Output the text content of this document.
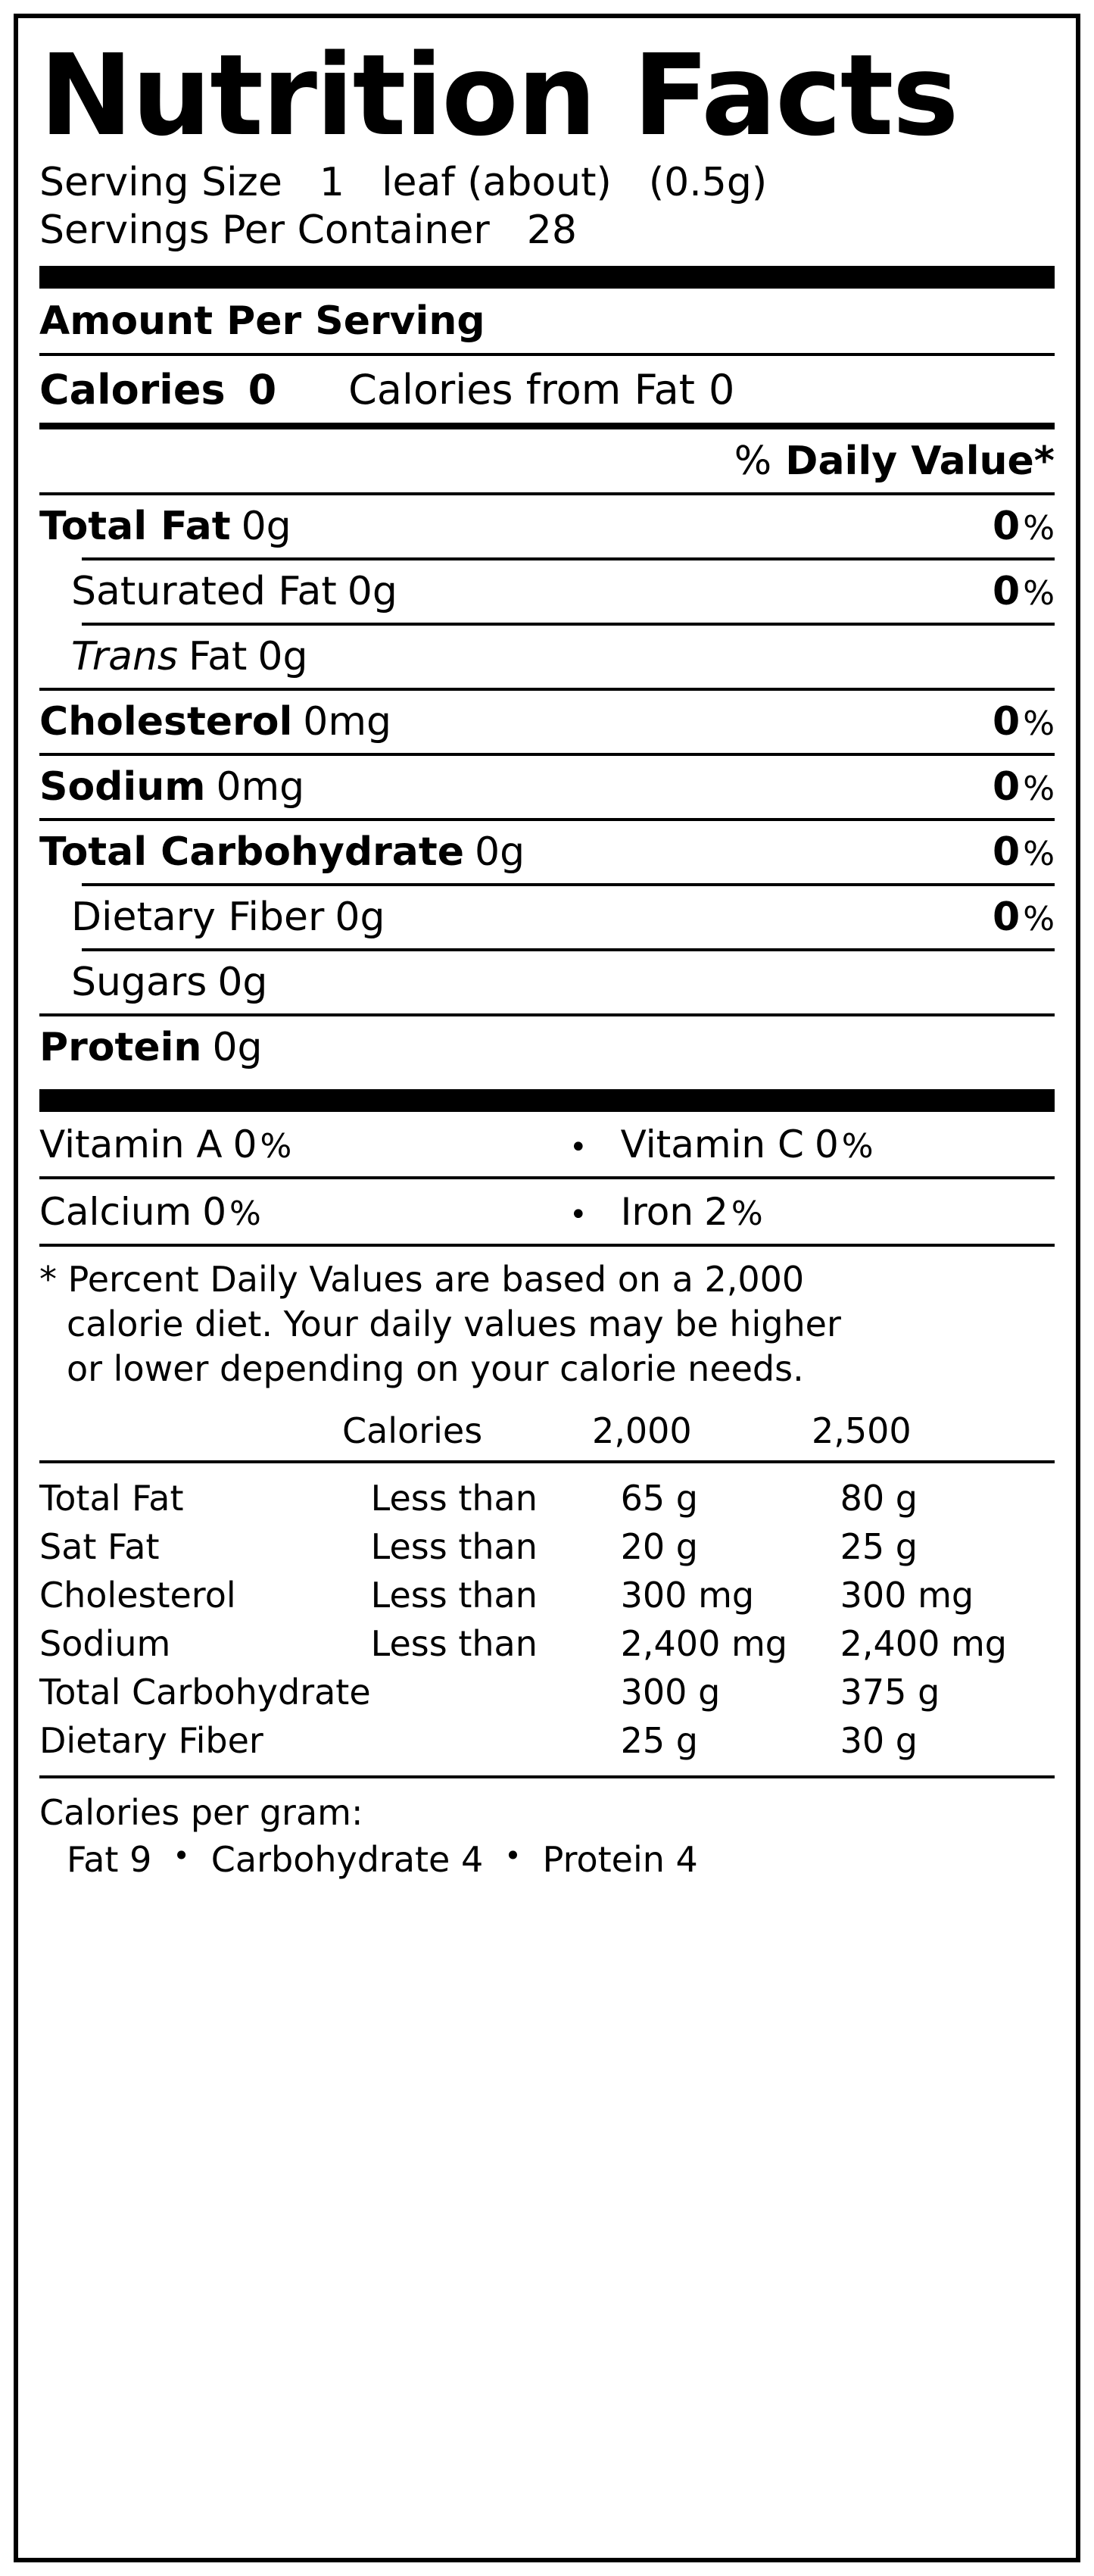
Nutrition Facts
Serving Size 1 leaf (about) (0.5g)
Servings Per Container 28
Amount Per Serving
Calories 0 Calories from Fat 0
% Daily Value*
Total Fat 0g	0 %
Saturated Fat 0g	0 %
Trans Fat 0g
Cholesterol 0mg	0 %
Sodium 0mg	0 %
Total Carbohydrate 0g	0 %
Dietary Fiber 0g	0 %
Sugars 0g
Protein 0g
Vitamin A 0 %	• Vitamin C 0 %
Calcium 0 %	• Iron 2 %
* Percent Daily Values are based on a 2,000
calorie diet. Your daily values may be higher
or lower depending on your calorie needs.
	Calories	2,000	2,500
Total Fat	Less than	65 g	80 g
Sat Fat	Less than	20 g	25 g
Cholesterol	Less than	300 mg	300 mg
Sodium	Less than	2,400 mg	2,400 mg
Total Carbohydrate		300 g	375 g
Dietary Fiber		25 g	30 g
Calories per gram:
Fat 9 • Carbohydrate 4 • Protein 4
